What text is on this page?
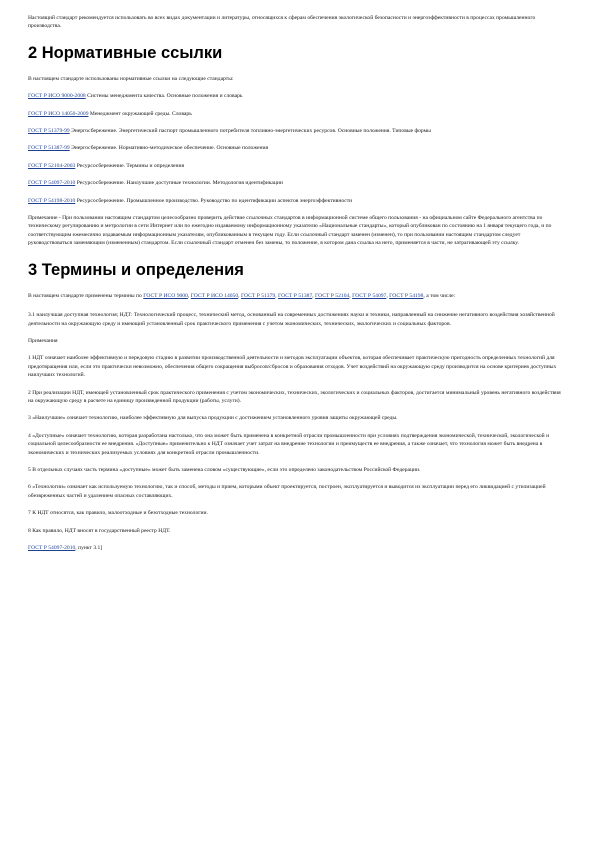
Настоящий стандарт рекомендуется использовать во всех видах документации и литературы, относящихся к сферам обеспечения экологической безопасности и энергоэффективности в процессах промышленного производства.

2 Нормативные ссылки

В настоящем стандарте использованы нормативные ссылки на следующие стандарты:

ГОСТ Р ИСО 9000-2008 Системы менеджмента качества. Основные положения и словарь

ГОСТ Р ИСО 14050-2009 Менеджмент окружающей среды. Словарь

ГОСТ Р 51379-99 Энергосбережение. Энергетический паспорт промышленного потребителя топливно-энергетических ресурсов. Основные положения. Типовые формы

ГОСТ Р 51387-99 Энергосбережение. Нормативно-методическое обеспечение. Основные положения

ГОСТ Р 52104-2003 Ресурсосбережение. Термины и определения

ГОСТ Р 54097-2010 Ресурсосбережение. Наилучшие доступные технологии. Методология идентификации

ГОСТ Р 54198-2010 Ресурсосбережение. Промышленное производство. Руководство по идентификации аспектов энергоэффективности

Примечание - При пользовании настоящим стандартом целесообразно проверить действие ссылочных стандартов в информационной системе общего пользования - на официальном сайте Федерального агентства по техническому регулированию и метрологии в сети Интернет или по ежегодно издаваемому информационному указателю «Национальные стандарты», который опубликован по состоянию на 1 января текущего года, и по соответствующим ежемесячно издаваемым информационным указателям, опубликованным в текущем году. Если ссылочный стандарт заменен (изменен), то при пользовании настоящим стандартом следует руководствоваться заменяющим (измененным) стандартом. Если ссылочный стандарт отменен без замены, то положение, в котором дана ссылка на него, применяется в части, не затрагивающей эту ссылку.

3 Термины и определения

В настоящем стандарте применены термины по ГОСТ Р ИСО 9000, ГОСТ Р ИСО 14050, ГОСТ Р 51379, ГОСТ Р 51387, ГОСТ Р 52104, ГОСТ Р 54097, ГОСТ Р 54198, а том числе:

3.1 наилучшая доступная технология; НДТ: Технологический процесс, технический метод, основанный на современных достижениях науки и техники, направленный на снижение негативного воздействия хозяйственной деятельности на окружающую среду и имеющий установленный срок практического применения с учетом экономических, технических, экологических и социальных факторов.

Примечания

1 НДТ означает наиболее эффективную и передовую стадию в развитии производственной деятельности и методов эксплуатации объектов, которая обеспечивает практическую пригодность определенных технологий для предотвращения или, если это практически невозможно, обеспечения общего сокращения выбросов/сбросов и образования отходов. Учет воздействий на окружающую среду производится на основе критериев доступных наилучших технологий.

2 При реализации НДТ, имеющей установленный срок практического применения с учетом экономических, технических, экологических и социальных факторов, достигается минимальный уровень негативного воздействия на окружающую среду в расчете на единицу произведенной продукции (работы, услуги).

3 «Наилучшие» означает технологию, наиболее эффективную для выпуска продукции с достижением установленного уровня защиты окружающей среды.

4 «Доступные» означает технологию, которая разработана настолько, что она может быть применена в конкретной отрасли промышленности при условиях подтверждения экономической, технической, экологической и социальной целесообразности ее внедрения. «Доступные» применительно к НДТ означает учет затрат на внедрение технологии и преимуществ ее внедрения, а также означает, что технология может быть внедрена в экономических и технических реализуемых условиях для конкретной отрасли промышленности.

5 В отдельных случаях часть термина «доступные» может быть заменена словом «существующие», если это определено законодательством Российской Федерации.

6 «Технологии» означает как используемую технологию, так и способ, методы и прием, которыми объект проектируется, построен, эксплуатируется и выводится из эксплуатации перед его ликвидацией с утилизацией обезвреженных частей и удалением опасных составляющих.

7 К НДТ относятся, как правило, малоотходные и безотходные технологии.

8 Как правило, НДТ вносят в государственный реестр НДТ.

ГОСТ Р 54097-2010, пункт 3.1]
